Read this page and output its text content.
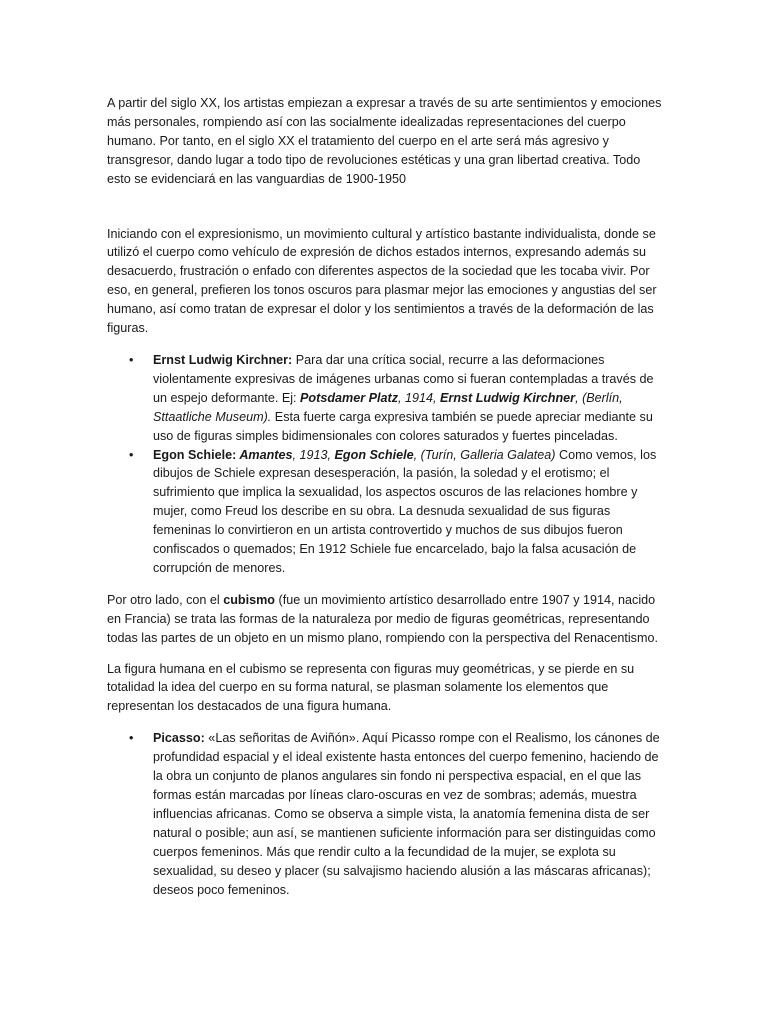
A partir del siglo XX, los artistas empiezan a expresar a través de su arte sentimientos y emociones más personales, rompiendo así con las socialmente idealizadas representaciones del cuerpo humano. Por tanto, en el siglo XX el tratamiento del cuerpo en el arte será más agresivo y transgresor, dando lugar a todo tipo de revoluciones estéticas y una gran libertad creativa. Todo esto se evidenciará en las vanguardias de 1900-1950

Iniciando con el expresionismo, un movimiento cultural y artístico bastante individualista, donde se utilizó el cuerpo como vehículo de expresión de dichos estados internos, expresando además su desacuerdo, frustración o enfado con diferentes aspectos de la sociedad que les tocaba vivir. Por eso, en general, prefieren los tonos oscuros para plasmar mejor las emociones y angustias del ser humano, así como tratan de expresar el dolor y los sentimientos a través de la deformación de las figuras.

• Ernst Ludwig Kirchner: Para dar una crítica social, recurre a las deformaciones violentamente expresivas de imágenes urbanas como si fueran contempladas a través de un espejo deformante. Ej: Potsdamer Platz, 1914, Ernst Ludwig Kirchner, (Berlín, Sttaatliche Museum). Esta fuerte carga expresiva también se puede apreciar mediante su uso de figuras simples bidimensionales con colores saturados y fuertes pinceladas.
• Egon Schiele: Amantes, 1913, Egon Schiele, (Turín, Galleria Galatea) Como vemos, los dibujos de Schiele expresan desesperación, la pasión, la soledad y el erotismo; el sufrimiento que implica la sexualidad, los aspectos oscuros de las relaciones hombre y mujer, como Freud los describe en su obra. La desnuda sexualidad de sus figuras femeninas lo convirtieron en un artista controvertido y muchos de sus dibujos fueron confiscados o quemados; En 1912 Schiele fue encarcelado, bajo la falsa acusación de corrupción de menores.

Por otro lado, con el cubismo (fue un movimiento artístico desarrollado entre 1907 y 1914, nacido en Francia) se trata las formas de la naturaleza por medio de figuras geométricas, representando todas las partes de un objeto en un mismo plano, rompiendo con la perspectiva del Renacentismo.

La figura humana en el cubismo se representa con figuras muy geométricas, y se pierde en su totalidad la idea del cuerpo en su forma natural, se plasman solamente los elementos que representan los destacados de una figura humana.

• Picasso: «Las señoritas de Aviñón». Aquí Picasso rompe con el Realismo, los cánones de profundidad espacial y el ideal existente hasta entonces del cuerpo femenino, haciendo de la obra un conjunto de planos angulares sin fondo ni perspectiva espacial, en el que las formas están marcadas por líneas claro-oscuras en vez de sombras; además, muestra influencias africanas. Como se observa a simple vista, la anatomía femenina dista de ser natural o posible; aun así, se mantienen suficiente información para ser distinguidas como cuerpos femeninos. Más que rendir culto a la fecundidad de la mujer, se explota su sexualidad, su deseo y placer (su salvajismo haciendo alusión a las máscaras africanas); deseos poco femeninos.
